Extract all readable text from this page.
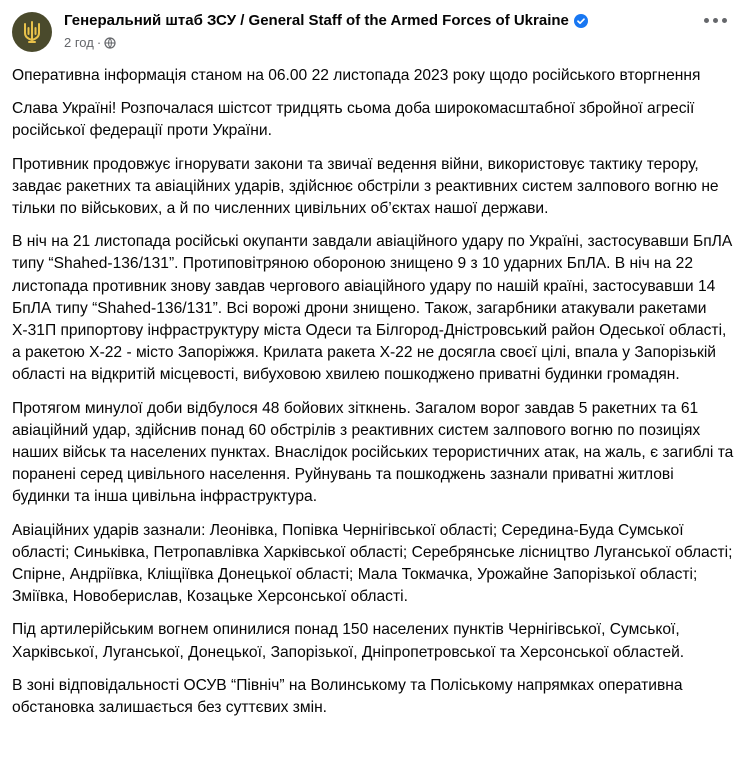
Генеральний штаб ЗСУ / General Staff of the Armed Forces of Ukraine
2 год ·

Оперативна інформація станом на 06.00 22 листопада 2023 року щодо російського вторгнення

Слава Україні! Розпочалася шістсот тридцять сьома доба широкомасштабної збройної агресії російської федерації проти України.

Противник продовжує ігнорувати закони та звичаї ведення війни, використовує тактику терору, завдає ракетних та авіаційних ударів, здійснює обстріли з реактивних систем залпового вогню не тільки по військових, а й по численних цивільних об’єктах нашої держави.

В ніч на 21 листопада російські окупанти завдали авіаційного удару по Україні, застосувавши БпЛА типу “Shahed-136/131”. Протиповітряною обороною знищено 9 з 10 ударних БпЛА. В ніч на 22 листопада противник знову завдав чергового авіаційного удару по нашій країні, застосувавши 14 БпЛА типу “Shahed-136/131”. Всі ворожі дрони знищено. Також, загарбники атакували ракетами Х-31П припортову інфраструктуру міста Одеси та Білгород-Дністровський район Одеської області, а ракетою Х-22 - місто Запоріжжя. Крилата ракета Х-22 не досягла своєї цілі, впала у Запорізькій області на відкритій місцевості, вибуховою хвилею пошкоджено приватні будинки громадян.

Протягом минулої доби відбулося 48 бойових зіткнень. Загалом ворог завдав 5 ракетних та 61 авіаційний удар, здійснив понад 60 обстрілів з реактивних систем залпового вогню по позиціях наших військ та населених пунктах. Внаслідок російських терористичних атак, на жаль, є загиблі та поранені серед цивільного населення. Руйнувань та пошкоджень зазнали приватні житлові будинки та інша цивільна інфраструктура.

Авіаційних ударів зазнали: Леонівка, Попівка Чернігівської області; Середина-Буда Сумської області; Синьківка, Петропавлівка Харківської області; Серебрянське лісництво Луганської області; Спірне, Андріївка, Кліщіївка Донецької області; Мала Токмачка, Урожайне Запорізької області; Зміївка, Новоберислав, Козацьке Херсонської області.

Під артилерійським вогнем опинилися понад 150 населених пунктів Чернігівської, Сумської, Харківської, Луганської, Донецької, Запорізької, Дніпропетровської та Херсонської областей.

В зоні відповідальності ОСУВ “Північ” на Волинському та Поліському напрямках оперативна обстановка залишається без суттєвих змін.
